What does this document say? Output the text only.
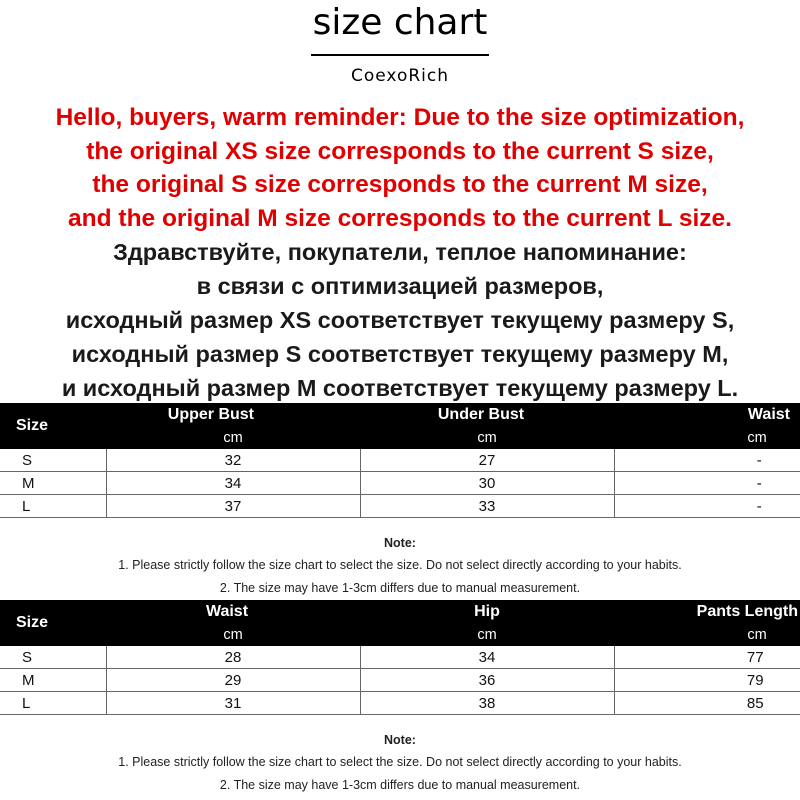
size chart
CoexoRich
Hello, buyers, warm reminder: Due to the size optimization,
the original XS size corresponds to the current S size,
the original S size corresponds to the current M size,
and the original M size corresponds to the current L size.
Здравствуйте, покупатели, теплое напоминание:
в связи с оптимизацией размеров,
исходный размер XS соответствует текущему размеру S,
исходный размер S соответствует текущему размеру M,
и исходный размер M соответствует текущему размеру L.
Size	Upper Bust	Under Bust	Waist
	cm	cm	cm
S	32	27	-
M	34	30	-
L	37	33	-
Note:
1. Please strictly follow the size chart to select the size. Do not select directly according to your habits.
2. The size may have 1-3cm differs due to manual measurement.
Size	Waist	Hip	Pants Length
	cm	cm	cm
S	28	34	77
M	29	36	79
L	31	38	85
Note:
1. Please strictly follow the size chart to select the size. Do not select directly according to your habits.
2. The size may have 1-3cm differs due to manual measurement.
